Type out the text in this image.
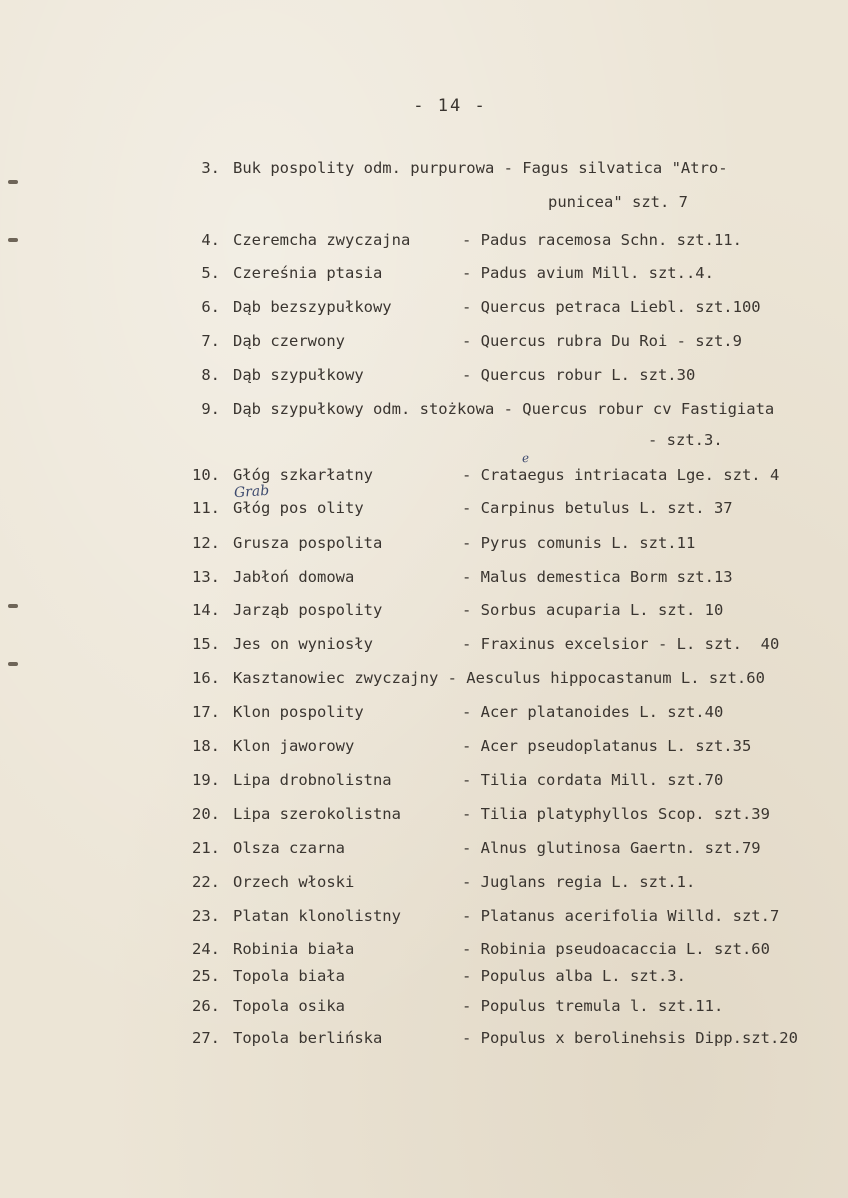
- 14 -
3. Buk pospolity odm. purpurowa - Fagus silvatica "Atro-
punicea" szt. 7
4. Czeremcha zwyczajna	- Padus racemosa Schn. szt.11.
5. Czereśnia ptasia	- Padus avium Mill. szt..4.
6. Dąb bezszypułkowy	- Quercus petraca Liebl. szt.100
7. Dąb czerwony	- Quercus rubra Du Roi - szt.9
8. Dąb szypułkowy	- Quercus robur L. szt.30
9. Dąb szypułkowy odm. stożkowa - Quercus robur cv Fastigiata
- szt.3.
10. Głóg szkarłatny	- Crataegus intriacata Lge. szt. 4
11. Głóg pos olity	- Carpinus betulus L. szt. 37
12. Grusza pospolita	- Pyrus comunis L. szt.11
13. Jabłoń domowa	- Malus demestica Borm szt.13
14. Jarząb pospolity	- Sorbus acuparia L. szt. 10
15. Jes on wyniosły	- Fraxinus excelsior - L. szt.  40
16. Kasztanowiec zwyczajny - Aesculus hippocastanum L. szt.60
17. Klon pospolity	- Acer platanoides L. szt.40
18. Klon jaworowy	- Acer pseudoplatanus L. szt.35
19. Lipa drobnolistna	- Tilia cordata Mill. szt.70
20. Lipa szerokolistna	- Tilia platyphyllos Scop. szt.39
21. Olsza czarna	- Alnus glutinosa Gaertn. szt.79
22. Orzech włoski	- Juglans regia L. szt.1.
23. Platan klonolistny	- Platanus acerifolia Willd. szt.7
24. Robinia biała	- Robinia pseudoacaccia L. szt.60
25. Topola biała	- Populus alba L. szt.3.
26. Topola osika	- Populus tremula l. szt.11.
27. Topola berlińska	- Populus x berolinehsis Dipp.szt.20
Grab
e
